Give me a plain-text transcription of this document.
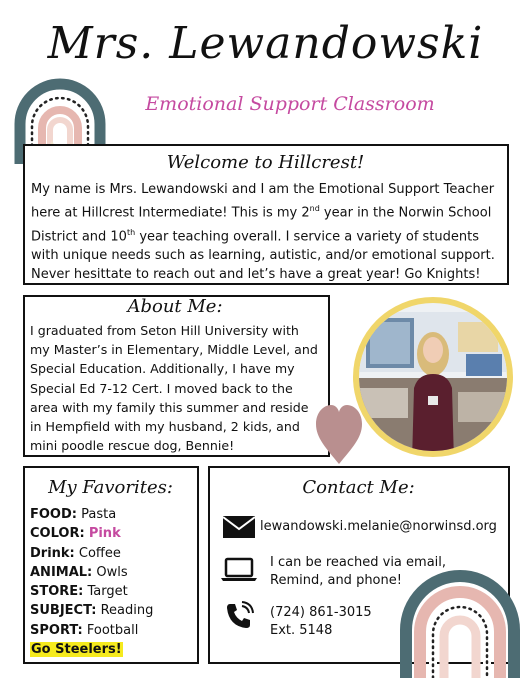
Mrs. Lewandowski
Emotional Support Classroom
Welcome to Hillcrest!
My name is Mrs. Lewandowski and I am the Emotional Support Teacher
here at Hillcrest Intermediate! This is my 2nd year in the Norwin School
District and 10th year teaching overall. I service a variety of students
with unique needs such as learning, autistic, and/or emotional support.
Never hesittate to reach out and let’s have a great year! Go Knights!
About Me:
I graduated from Seton Hill University with
my Master’s in Elementary, Middle Level, and
Special Education. Additionally, I have my
Special Ed 7-12 Cert. I moved back to the
area with my family this summer and reside
in Hempfield with my husband, 2 kids, and
mini poodle rescue dog, Bennie!
My Favorites:
FOOD: Pasta
COLOR: Pink
Drink: Coffee
ANIMAL: Owls
STORE: Target
SUBJECT: Reading
SPORT: Football
Go Steelers!
Contact Me:
lewandowski.melanie@norwinsd.org
I can be reached via email,
Remind, and phone!
(724) 861-3015
Ext. 5148
